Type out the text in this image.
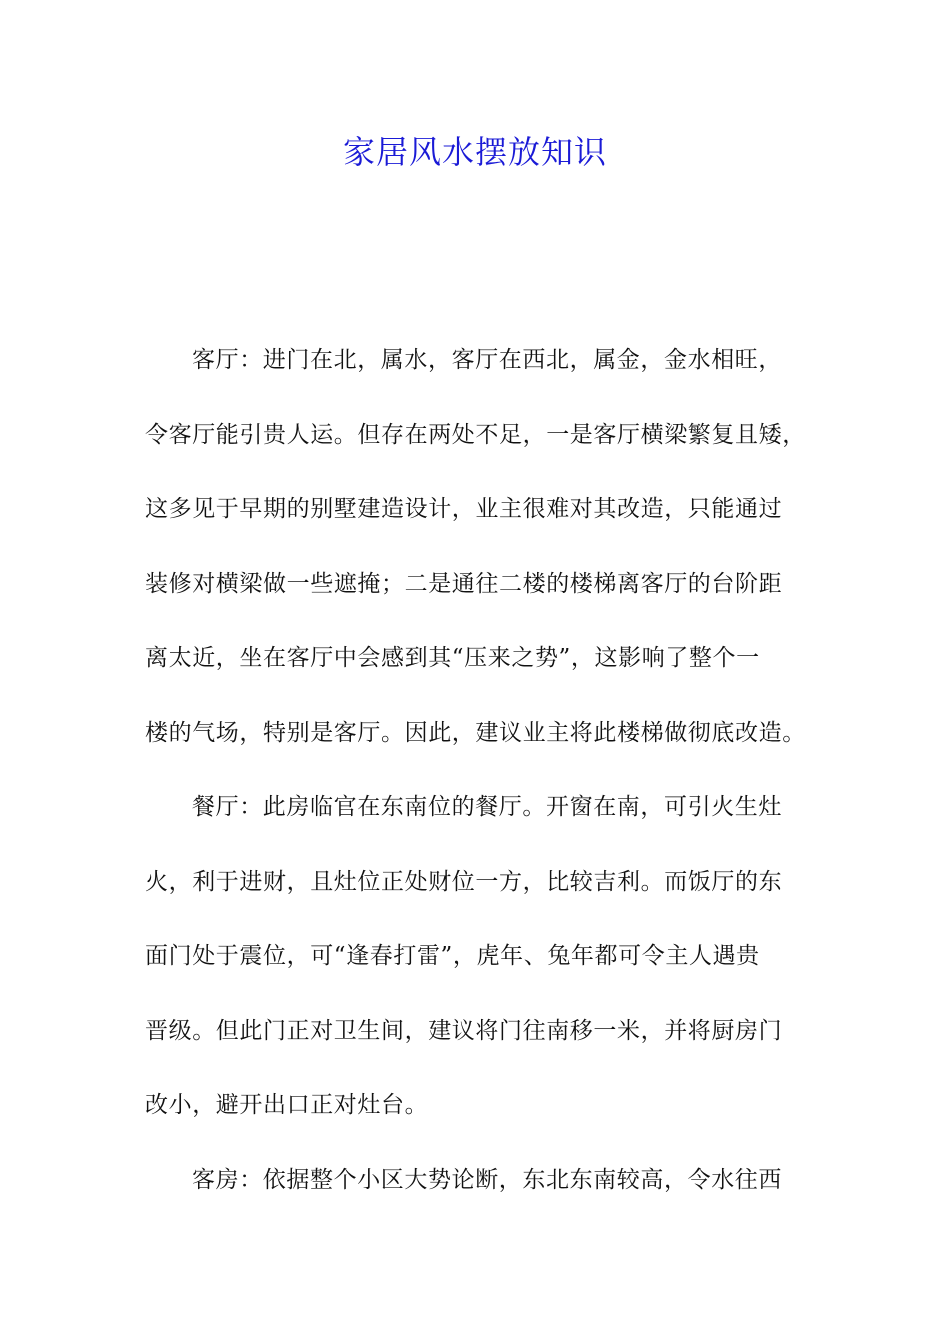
家居风水摆放知识
客厅：进门在北，属水，客厅在西北，属金，金水相旺，
令客厅能引贵人运。但存在两处不足，一是客厅横梁繁复且矮，
这多见于早期的别墅建造设计，业主很难对其改造，只能通过
装修对横梁做一些遮掩；二是通往二楼的楼梯离客厅的台阶距
离太近，坐在客厅中会感到其“压来之势”，这影响了整个一
楼的气场，特别是客厅。因此，建议业主将此楼梯做彻底改造。
餐厅：此房临官在东南位的餐厅。开窗在南，可引火生灶
火，利于进财，且灶位正处财位一方，比较吉利。而饭厅的东
面门处于震位，可“逢春打雷”，虎年、兔年都可令主人遇贵
晋级。但此门正对卫生间，建议将门往南移一米，并将厨房门
改小，避开出口正对灶台。
客房：依据整个小区大势论断，东北东南较高，令水往西
